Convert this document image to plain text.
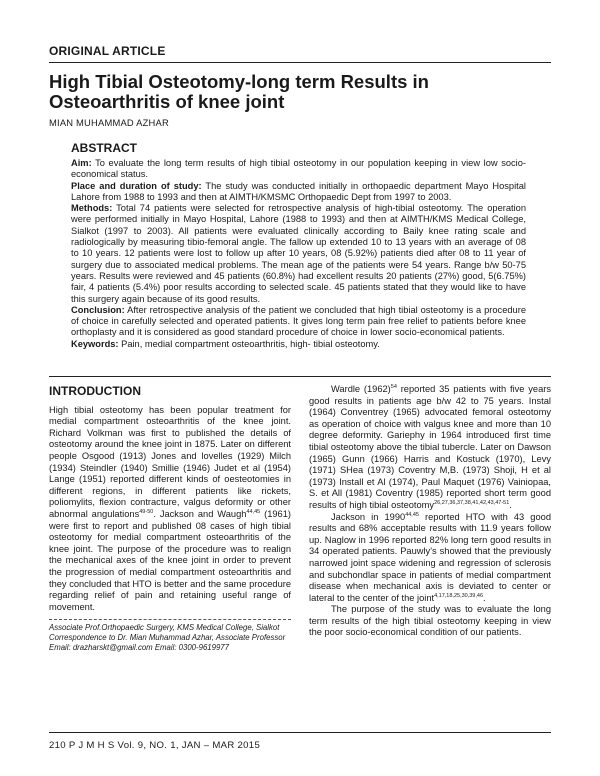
ORIGINAL ARTICLE
High Tibial Osteotomy-long term Results in Osteoarthritis of knee joint
MIAN MUHAMMAD AZHAR
ABSTRACT

Aim: To evaluate the long term results of high tibial osteotomy in our population keeping in view low socio-economical status.

Place and duration of study: The study was conducted initially in orthopaedic department Mayo Hospital Lahore from 1988 to 1993 and then at AIMTH/KMSMC Orthopaedic Dept from 1997 to 2003.

Methods: Total 74 patients were selected for retrospective analysis of high-tibial osteotomy. The operation were performed initially in Mayo Hospital, Lahore (1988 to 1993) and then at AIMTH/KMS Medical College, Sialkot (1997 to 2003). All patients were evaluated clinically according to Baily knee rating scale and radiologically by measuring tibio-femoral angle. The fallow up extended 10 to 13 years with an average of 08 to 10 years. 12 patients were lost to follow up after 10 years, 08 (5.92%) patients died after 08 to 11 year of surgery due to associated medical problems. The mean age of the patients were 54 years. Range b/w 50-75 years. Results were reviewed and 45 patients (60.8%) had excellent results 20 patients (27%) good, 5(6.75%) fair, 4 patients (5.4%) poor results according to selected scale. 45 patients stated that they would like to have this surgery again because of its good results.

Conclusion: After retrospective analysis of the patient we concluded that high tibial osteotomy is a procedure of choice in carefully selected and operated patients. It gives long term pain free relief to patients before knee orthoplasty and it is considered as good standard procedure of choice in lower socio-economical patients.

Keywords: Pain, medial compartment osteoarthritis, high- tibial osteotomy.

INTRODUCTION

High tibial osteotomy has been popular treatment for medial compartment osteoarthritis of the knee joint. Richard Volkman was first to published the details of osteotomy around the knee joint in 1875. Later on different people Osgood (1913) Jones and lovelles (1929) Milch (1934) Steindler (1940) Smillie (1946) Judet et al (1954) Lange (1951) reported different kinds of oesteotomies in different regions, in different patients like rickets, poliomylits, flexion contracture, valgus deformity or other abnormal angulations$^{49-50}$. Jackson and Waugh$^{44,45}$ (1961) were first to report and published 08 cases of high tibial osteotomy for medial compartment osteoarthritis of the knee joint. The purpose of the procedure was to realign the mechanical axes of the knee joint in order to prevent the progression of medial compartment osteoarthritis and they concluded that HTO is better and the same procedure regarding relief of pain and retaining useful range of movement.

Associate Prof.Orthopaedic Surgery, KMS Medical College, Sialkot

Correspondence to Dr. Mian Muhammad Azhar, Associate Professor Email: drazharskt@gmail.com Email: 0300-9619977

Wardle $(1962)^{54}$ reported 35 patients with five years good results in patients age b/w 42 to 75 years. Instal (1964) Conventrey (1965) advocated femoral osteotomy as operation of choice with valgus knee and more than 10 degree deformity. Gariephy in 1964 introduced first time tibial osteotomy above the tibial tubercle. Later on Dawson (1965) Gunn (1966) Harris and Kostuck (1970), Levy (1971) SHea (1973) Coventry M,B. (1973) Shoji, H et al (1973) Install et Al (1974), Paul Maquet (1976) Vainiopaa, S. et All (1981) Coventry (1985) reported short term good results of high tibial osteotomy$^{26,27,36,37,38,41,42,43,47-51}$.

Jackson in 1990$^{44,45}$ reported HTO with 43 good results and 68% acceptable results with 11.9 years follow up. Naglow in 1996 reported 82% long tern good results in 34 operated patients. Pauwly's showed that the previously narrowed joint space widening and regression of sclerosis and subchondlar space in patients of medial compartment disease when mechanical axis is deviated to center or lateral to the center of the joint$^{4,17,18,25,30,39,46}$.

The purpose of the study was to evaluate the long term results of the high tibial osteotomy keeping in view the poor socio-economical condition of our patients.

210 P J M H S Vol. 9, NO. 1, JAN – MAR 2015
